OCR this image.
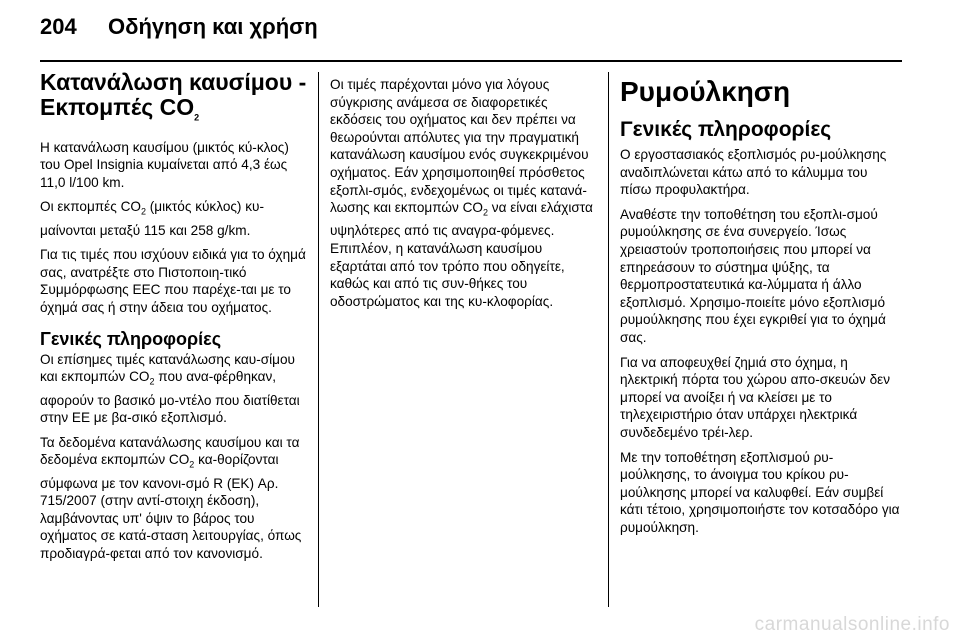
204 Οδήγηση και χρήση
Κατανάλωση καυσίμου -
Εκπομπές $CO_2$

Η κατανάλωση καυσίμου (μικτός κύ-κλος) του Opel Insignia κυμαίνεται από 4,3 έως 11,0 l/100 km.

Οι εκπομπές $CO_2$ (μικτός κύκλος) κυ-μαίνονται μεταξύ 115 και 258 g/km.

Για τις τιμές που ισχύουν ειδικά για το όχημά σας, ανατρέξτε στο Πιστοποιη-τικό Συμμόρφωσης EEC που παρέχε-ται με το όχημά σας ή στην άδεια του οχήματος.

Γενικές πληροφορίες

Οι επίσημες τιμές κατανάλωσης καυ-σίμου και εκπομπών $CO_2$ που ανα-φέρθηκαν, αφορούν το βασικό μο-ντέλο που διατίθεται στην ΕΕ με βα-σικό εξοπλισμό.

Τα δεδομένα κατανάλωσης καυσίμου και τα δεδομένα εκπομπών $CO_2$ κα-θορίζονται σύμφωνα με τον κανονι-σμό R (EK) Αρ. 715/2007 (στην αντί-στοιχη έκδοση), λαμβάνοντας υπ' όψιν το βάρος του οχήματος σε κατά-σταση λειτουργίας, όπως προδιαγρά-φεται από τον κανονισμό.

Οι τιμές παρέχονται μόνο για λόγους σύγκρισης ανάμεσα σε διαφορετικές εκδόσεις του οχήματος και δεν πρέπει να θεωρούνται απόλυτες για την πραγματική κατανάλωση καυσίμου ενός συγκεκριμένου οχήματος. Εάν χρησιμοποιηθεί πρόσθετος εξοπλι-σμός, ενδεχομένως οι τιμές κατανά-λωσης και εκπομπών $CO_2$ να είναι ελάχιστα υψηλότερες από τις αναγρα-φόμενες. Επιπλέον, η κατανάλωση καυσίμου εξαρτάται από τον τρόπο που οδηγείτε, καθώς και από τις συν-θήκες του οδοστρώματος και της κυ-κλοφορίας.

Ρυμούλκηση
Γενικές πληροφορίες

Ο εργοστασιακός εξοπλισμός ρυ-μούλκησης αναδιπλώνεται κάτω από το κάλυμμα του πίσω προφυλακτήρα.

Αναθέστε την τοποθέτηση του εξοπλι-σμού ρυμούλκησης σε ένα συνεργείο. Ίσως χρειαστούν τροποποιήσεις που μπορεί να επηρεάσουν το σύστημα ψύξης, τα θερμοπροστατευτικά κα-λύμματα ή άλλο εξοπλισμό. Χρησιμο-ποιείτε μόνο εξοπλισμό ρυμούλκησης που έχει εγκριθεί για το όχημά σας.

Για να αποφευχθεί ζημιά στο όχημα, η ηλεκτρική πόρτα του χώρου απο-σκευών δεν μπορεί να ανοίξει ή να κλείσει με το τηλεχειριστήριο όταν υπάρχει ηλεκτρικά συνδεδεμένο τρέι-λερ.

Με την τοποθέτηση εξοπλισμού ρυ-μούλκησης, το άνοιγμα του κρίκου ρυ-μούλκησης μπορεί να καλυφθεί. Εάν συμβεί κάτι τέτοιο, χρησιμοποιήστε τον κοτσαδόρο για ρυμούλκηση.

carmanualsonline.info
